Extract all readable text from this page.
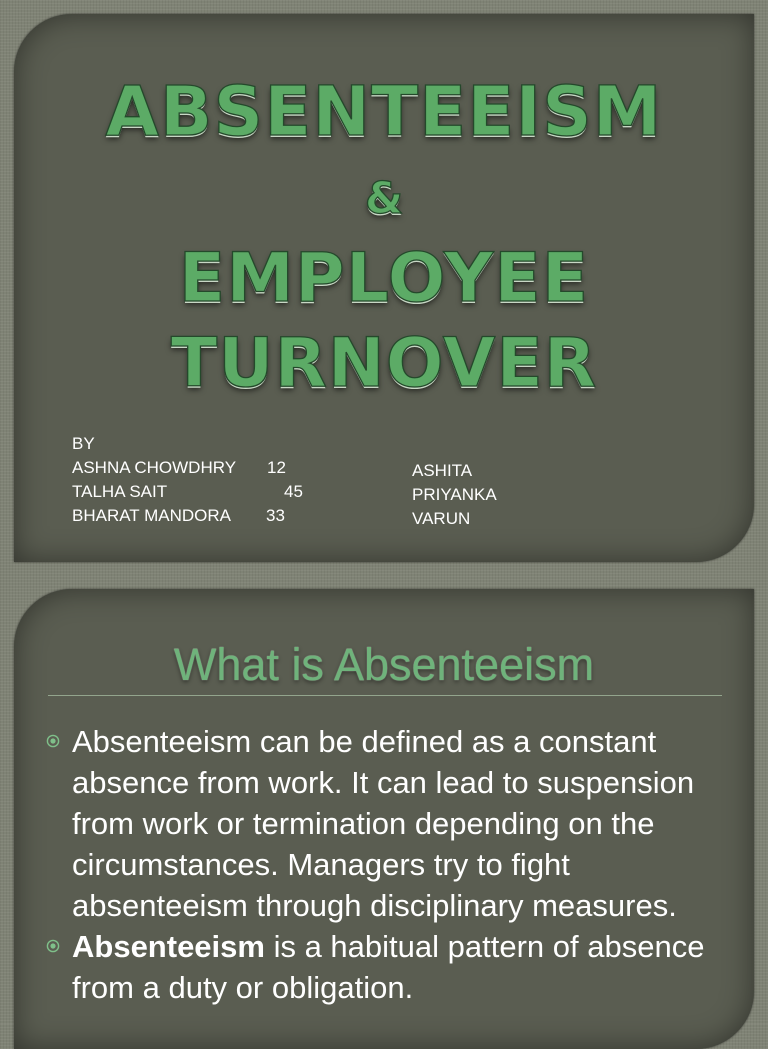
ABSENTEEISM
&
EMPLOYEE
TURNOVER
BY
ASHNA CHOWDHRY 12
TALHA SAIT	45
BHARAT MANDORA 33
ASHITA
PRIYANKA
VARUN
What is Absenteeism
Absenteeism can be defined as a constant absence from work. It can lead to suspension from work or termination depending on the circumstances. Managers try to fight absenteeism through disciplinary measures.
Absenteeism is a habitual pattern of absence from a duty or obligation.
